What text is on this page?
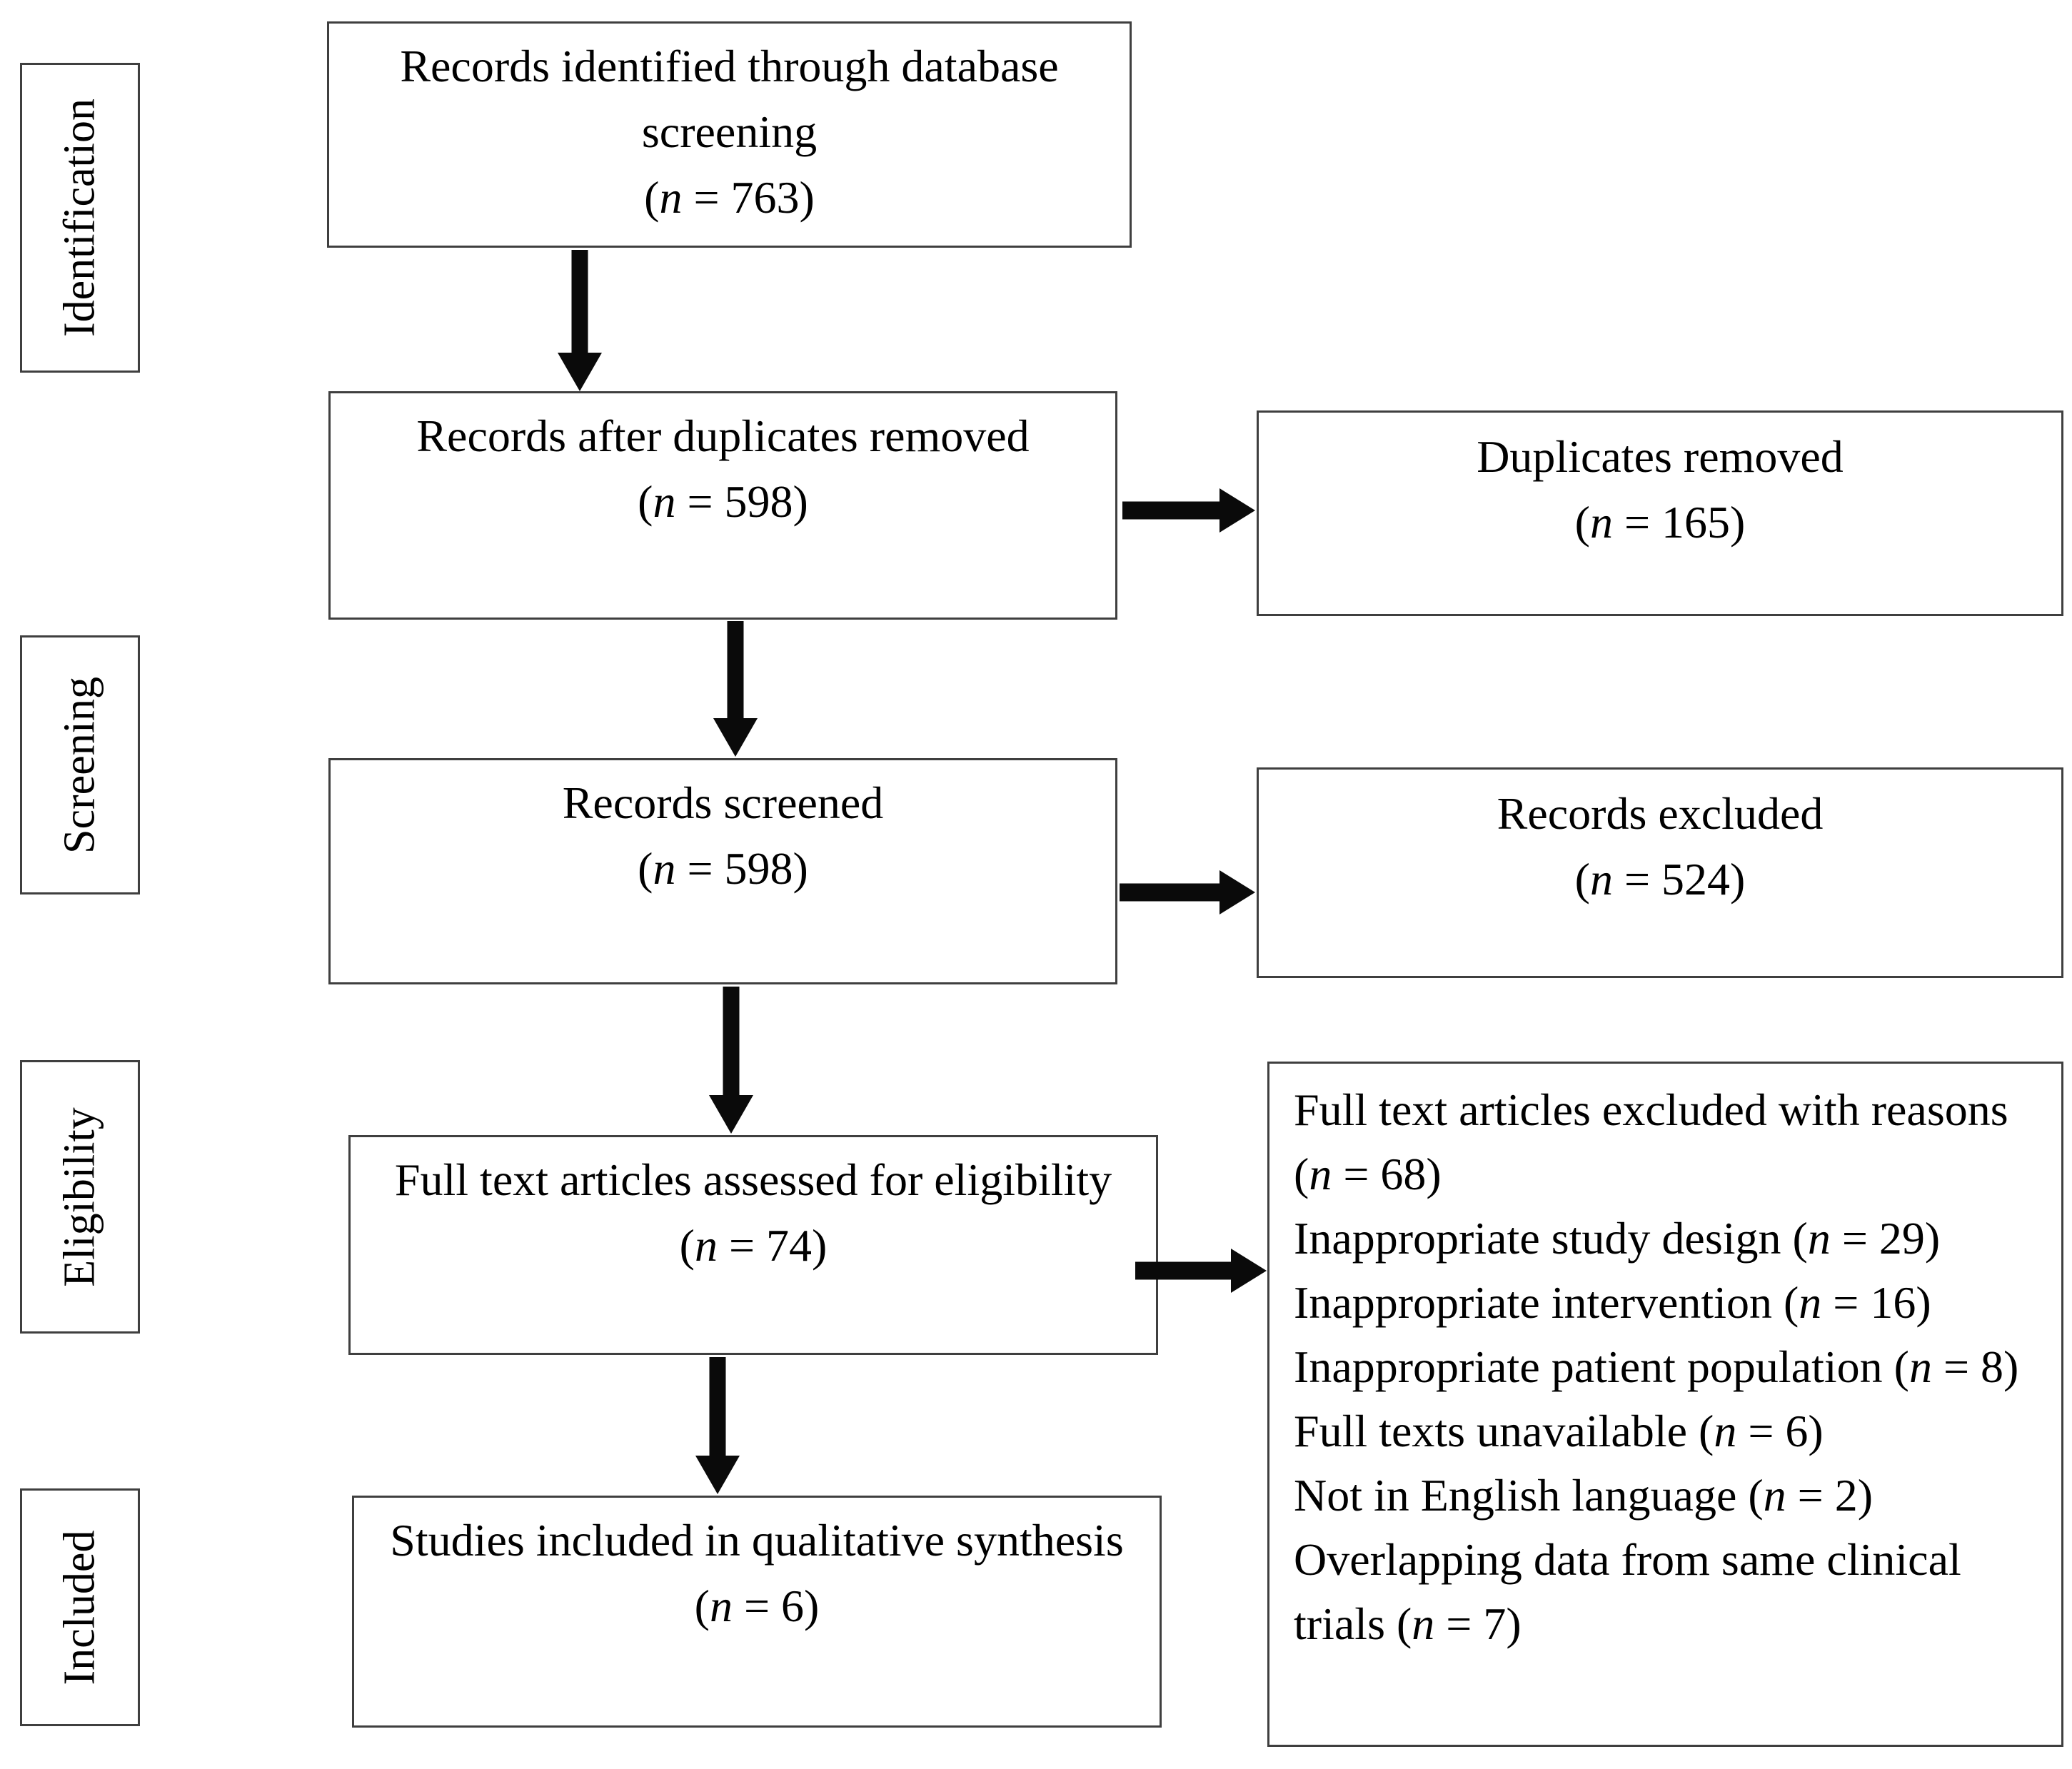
Identification
Screening
Eligibility
Included
Records identified through database screening
(n = 763)
Records after duplicates removed
(n = 598)
Records screened
(n = 598)
Full text articles assessed for eligibility
(n = 74)
Studies included in qualitative synthesis
(n = 6)
Duplicates removed
(n = 165)
Records excluded
(n = 524)
Full text articles excluded with reasons (n = 68)
Inappropriate study design (n = 29)
Inappropriate intervention (n = 16)
Inappropriate patient population (n = 8)
Full texts unavailable (n = 6)
Not in English language (n = 2)
Overlapping data from same clinical trials (n = 7)
